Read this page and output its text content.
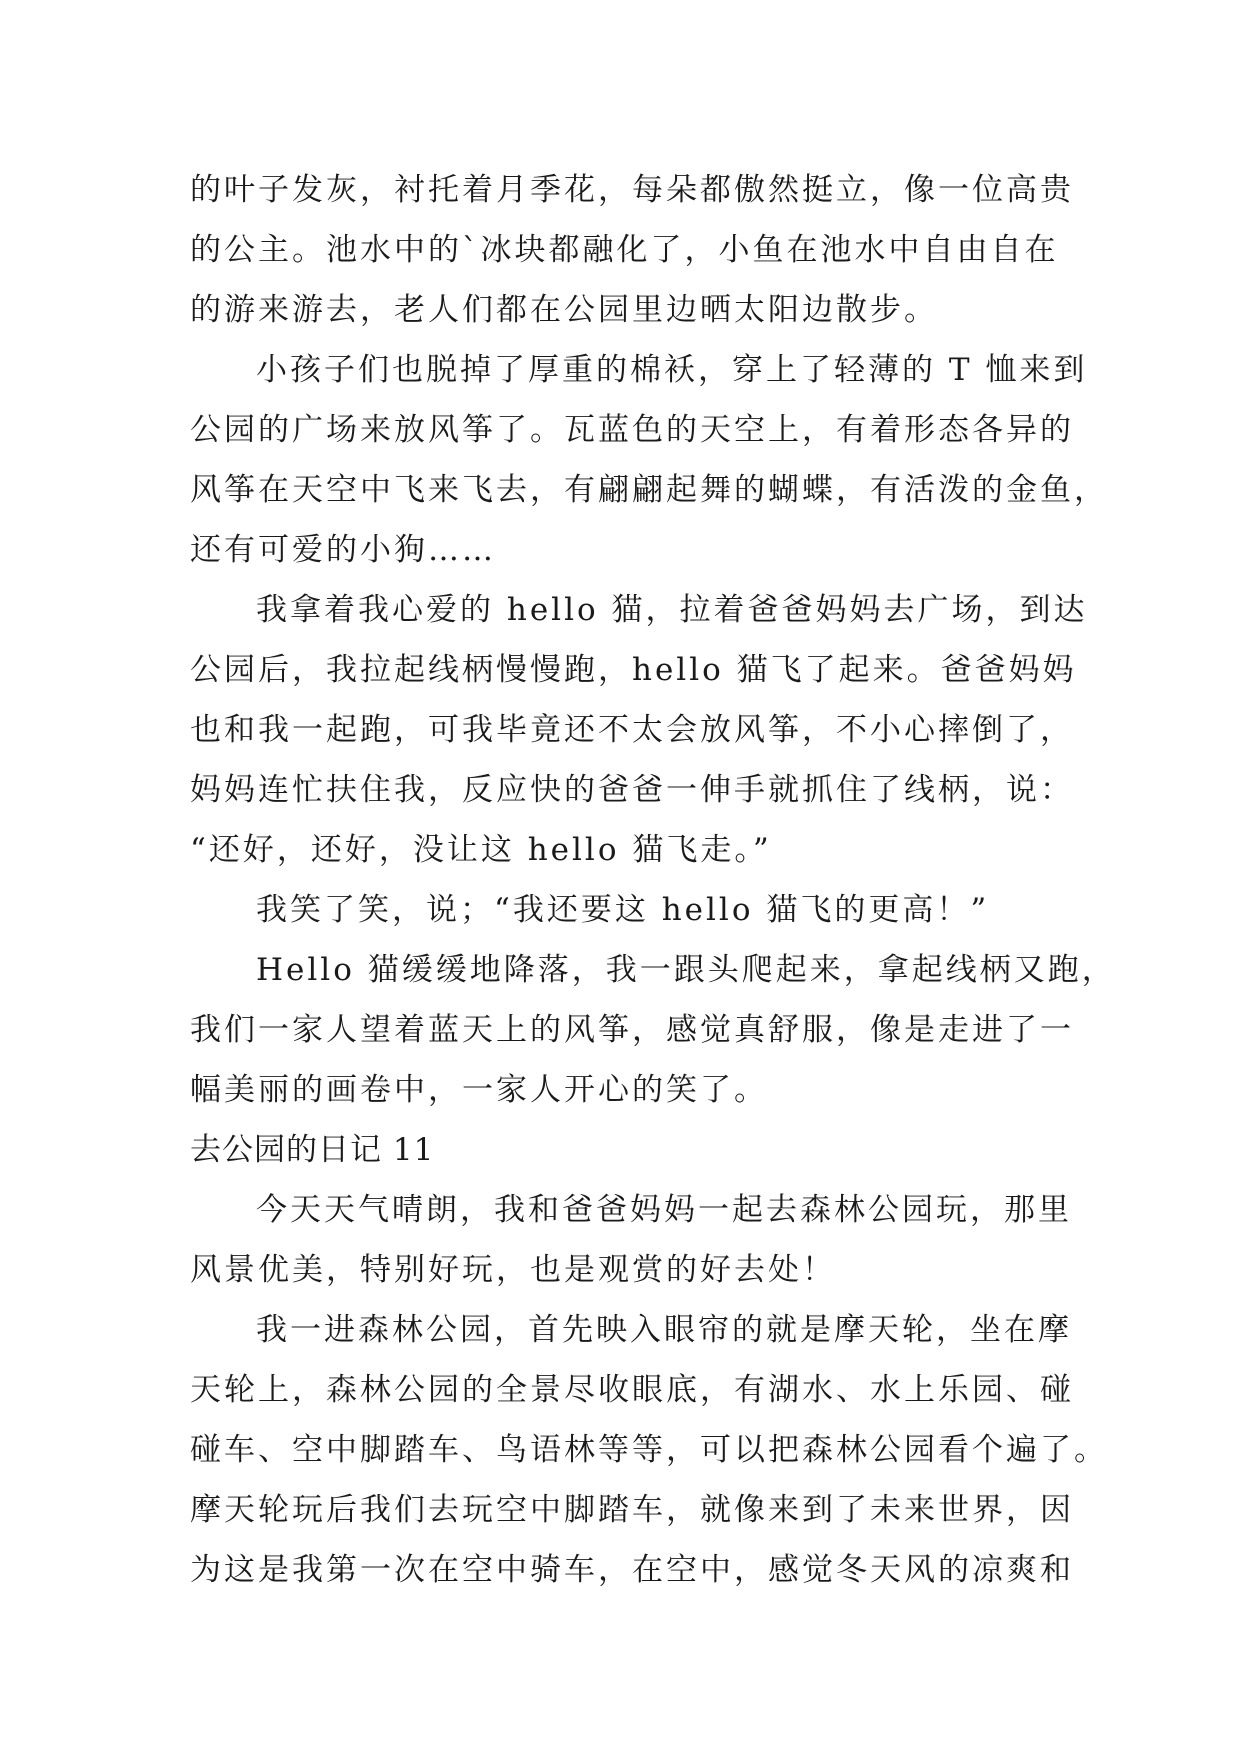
的叶子发灰，衬托着月季花，每朵都傲然挺立，像一位高贵
的公主。池水中的`冰块都融化了，小鱼在池水中自由自在
的游来游去，老人们都在公园里边晒太阳边散步。
小孩子们也脱掉了厚重的棉袄，穿上了轻薄的 T 恤来到
公园的广场来放风筝了。瓦蓝色的天空上，有着形态各异的
风筝在天空中飞来飞去，有翩翩起舞的蝴蝶，有活泼的金鱼，
还有可爱的小狗……
我拿着我心爱的 hello 猫，拉着爸爸妈妈去广场，到达
公园后，我拉起线柄慢慢跑，hello 猫飞了起来。爸爸妈妈
也和我一起跑，可我毕竟还不太会放风筝，不小心摔倒了，
妈妈连忙扶住我，反应快的爸爸一伸手就抓住了线柄，说：
“还好，还好，没让这 hello 猫飞走。”
我笑了笑，说；“我还要这 hello 猫飞的更高！”
Hello 猫缓缓地降落，我一跟头爬起来，拿起线柄又跑，
我们一家人望着蓝天上的风筝，感觉真舒服，像是走进了一
幅美丽的画卷中，一家人开心的笑了。
去公园的日记 11
今天天气晴朗，我和爸爸妈妈一起去森林公园玩，那里
风景优美，特别好玩，也是观赏的好去处！
我一进森林公园，首先映入眼帘的就是摩天轮，坐在摩
天轮上，森林公园的全景尽收眼底，有湖水、水上乐园、碰
碰车、空中脚踏车、鸟语林等等，可以把森林公园看个遍了。
摩天轮玩后我们去玩空中脚踏车，就像来到了未来世界，因
为这是我第一次在空中骑车，在空中，感觉冬天风的凉爽和
